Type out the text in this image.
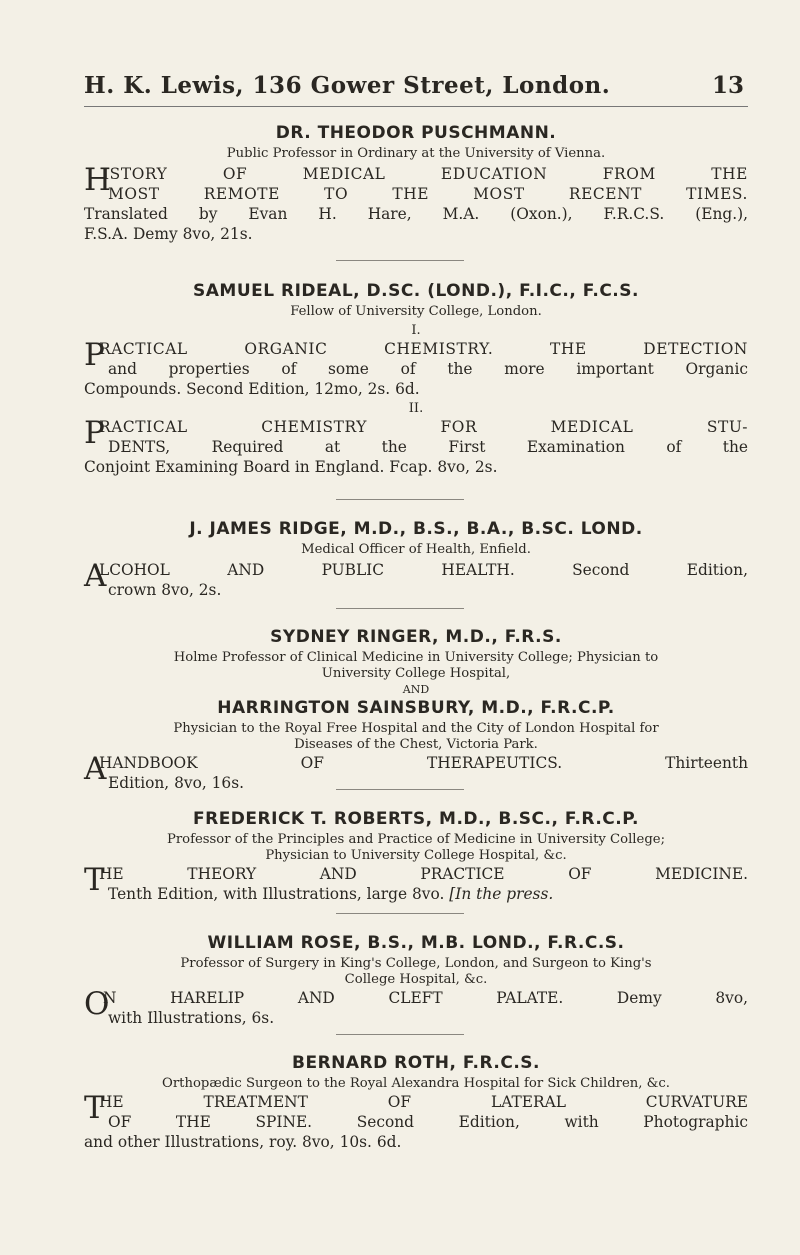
H. K. Lewis, 136 Gower Street, London.	13
DR. THEODOR PUSCHMANN.
Public Professor in Ordinary at the University of Vienna.
H
ISTORY OF MEDICAL EDUCATION FROM THE
MOST REMOTE TO THE MOST RECENT TIMES.
Translated by Evan H. Hare, M.A. (Oxon.), F.R.C.S. (Eng.),
F.S.A. Demy 8vo, 21s.
SAMUEL RIDEAL, D.SC. (LOND.), F.I.C., F.C.S.
Fellow of University College, London.
I.
P
RACTICAL ORGANIC CHEMISTRY. THE DETECTION
and properties of some of the more important Organic
Compounds. Second Edition, 12mo, 2s. 6d.
II.
P
RACTICAL CHEMISTRY FOR MEDICAL STU-
DENTS, Required at the First Examination of the
Conjoint Examining Board in England. Fcap. 8vo, 2s.
J. JAMES RIDGE, M.D., B.S., B.A., B.SC. LOND.
Medical Officer of Health, Enfield.
A
LCOHOL AND PUBLIC HEALTH. Second Edition,
crown 8vo, 2s.
SYDNEY RINGER, M.D., F.R.S.
Holme Professor of Clinical Medicine in University College; Physician to
University College Hospital,
AND
HARRINGTON SAINSBURY, M.D., F.R.C.P.
Physician to the Royal Free Hospital and the City of London Hospital for
Diseases of the Chest, Victoria Park.
A
HANDBOOK OF THERAPEUTICS. Thirteenth
Edition, 8vo, 16s.
FREDERICK T. ROBERTS, M.D., B.SC., F.R.C.P.
Professor of the Principles and Practice of Medicine in University College;
Physician to University College Hospital, &c.
T
HE THEORY AND PRACTICE OF MEDICINE.
Tenth Edition, with Illustrations, large 8vo. [In the press.
WILLIAM ROSE, B.S., M.B. LOND., F.R.C.S.
Professor of Surgery in King's College, London, and Surgeon to King's
College Hospital, &c.
O
N HARELIP AND CLEFT PALATE. Demy 8vo,
with Illustrations, 6s.
BERNARD ROTH, F.R.C.S.
Orthopædic Surgeon to the Royal Alexandra Hospital for Sick Children, &c.
T
HE TREATMENT OF LATERAL CURVATURE
OF THE SPINE. Second Edition, with Photographic
and other Illustrations, roy. 8vo, 10s. 6d.
